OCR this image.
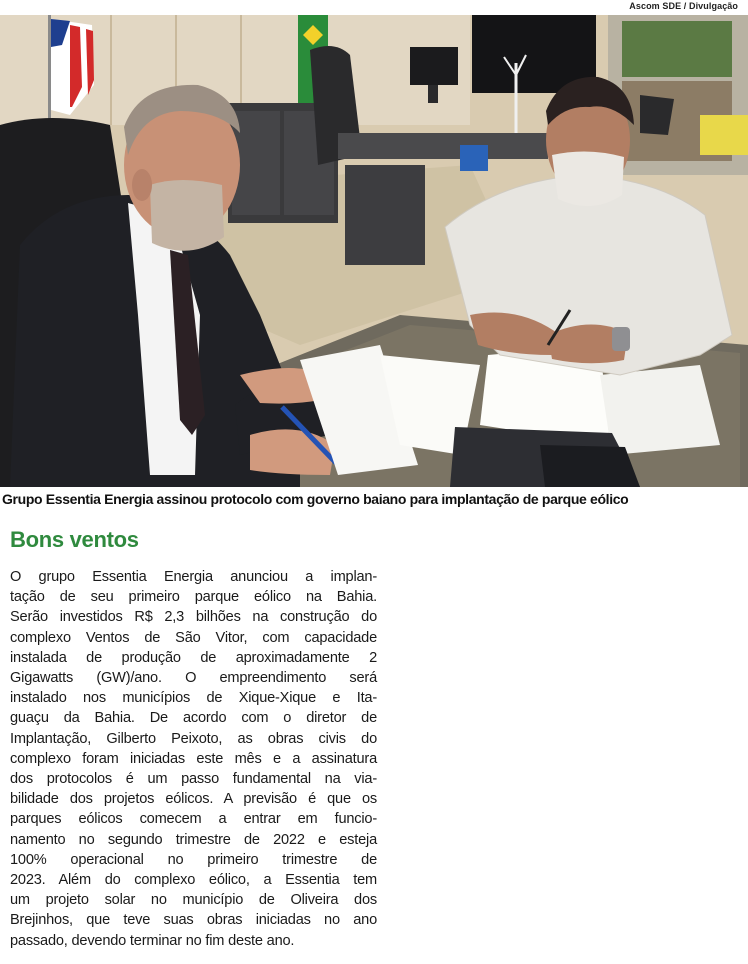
Ascom SDE / Divulgação
Grupo Essentia Energia assinou protocolo com governo baiano para implantação de parque eólico
Bons ventos

O grupo Essentia Energia anunciou a implan-

tação de seu primeiro parque eólico na Bahia.

Serão investidos R$ 2,3 bilhões na construção do

complexo Ventos de São Vitor, com capacidade

instalada de produção de aproximadamente 2

Gigawatts (GW)/ano. O empreendimento será

instalado nos municípios de Xique-Xique e Ita-

guaçu da Bahia. De acordo com o diretor de

Implantação, Gilberto Peixoto, as obras civis do

complexo foram iniciadas este mês e a assinatura

dos protocolos é um passo fundamental na via-

bilidade dos projetos eólicos. A previsão é que os

parques eólicos comecem a entrar em funcio-

namento no segundo trimestre de 2022 e esteja

100% operacional no primeiro trimestre de

2023. Além do complexo eólico, a Essentia tem

um projeto solar no município de Oliveira dos

Brejinhos, que teve suas obras iniciadas no ano

passado, devendo terminar no fim deste ano.
